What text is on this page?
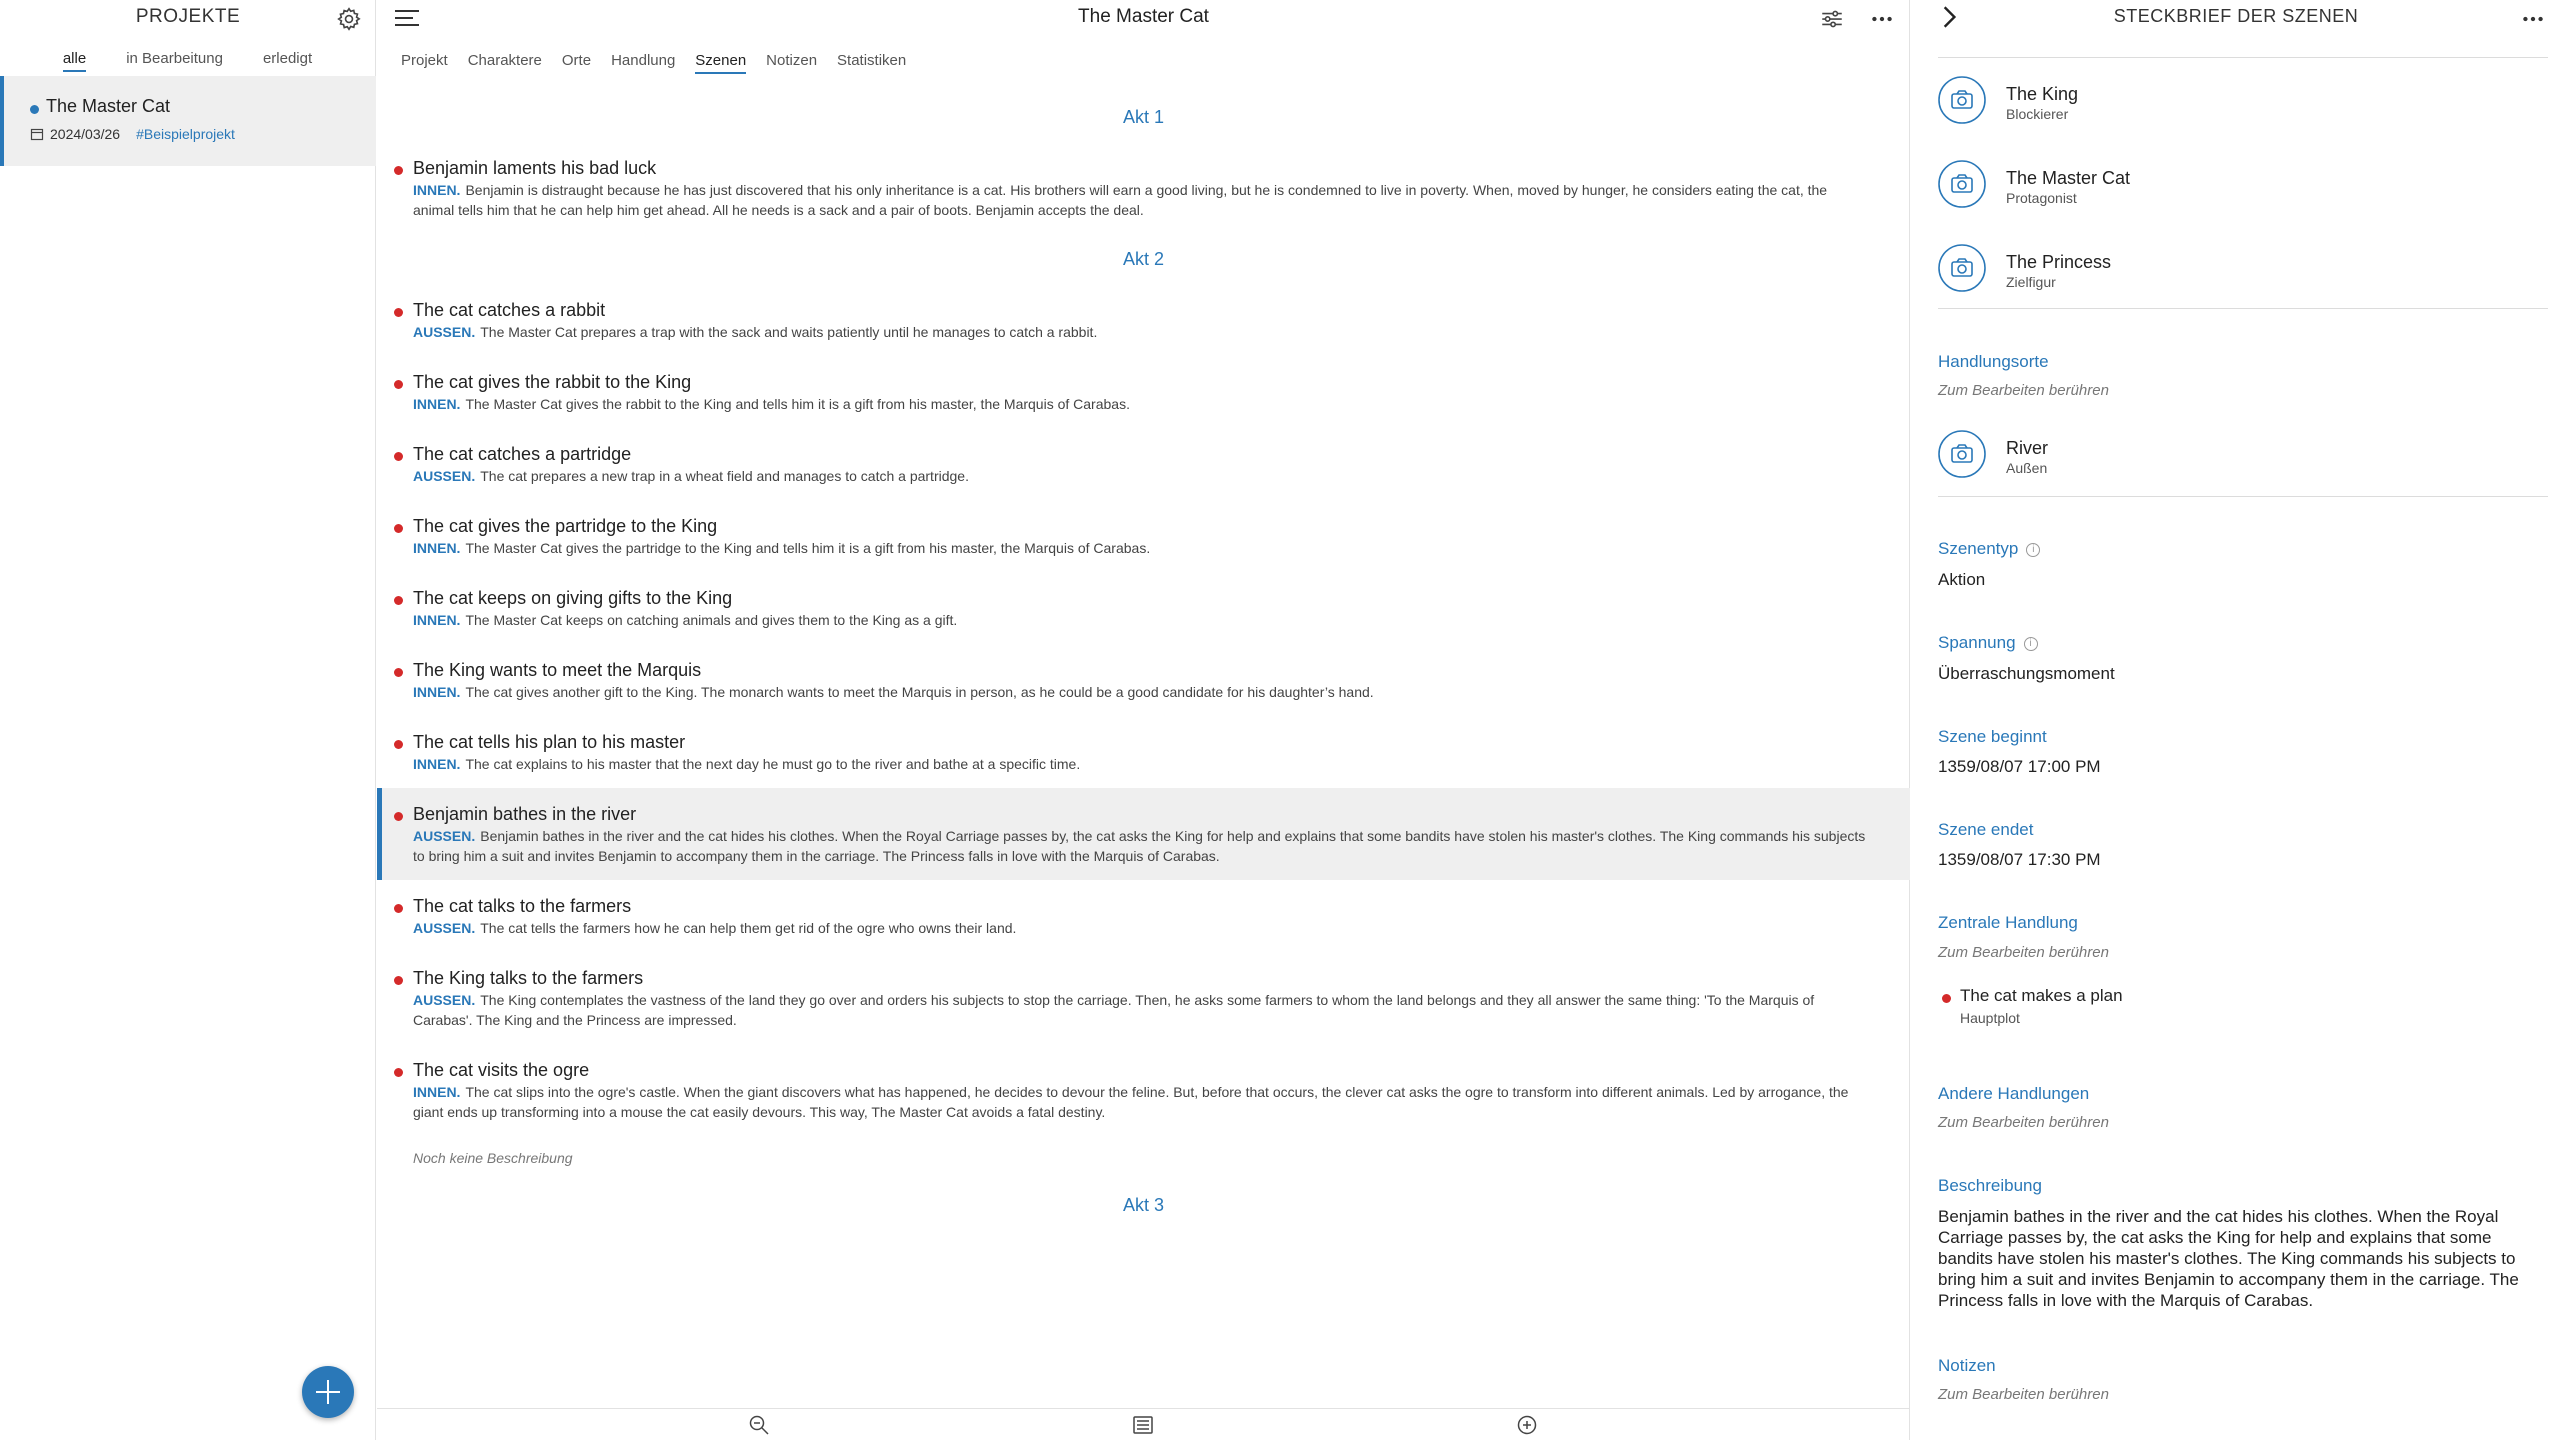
PROJEKTE
alle	in Bearbeitung	erledigt
The Master Cat
2024/03/26 #Beispielprojekt
The Master Cat
Projekt Charaktere Orte Handlung Szenen Notizen Statistiken
Akt 1
Benjamin laments his bad luck
INNEN. Benjamin is distraught because he has just discovered that his only inheritance is a cat. His brothers will earn a good living, but he is condemned to live in poverty. When, moved by hunger, he considers eating the cat, the animal tells him that he can help him get ahead. All he needs is a sack and a pair of boots. Benjamin accepts the deal.
Akt 2
The cat catches a rabbit
AUSSEN. The Master Cat prepares a trap with the sack and waits patiently until he manages to catch a rabbit.
The cat gives the rabbit to the King
INNEN. The Master Cat gives the rabbit to the King and tells him it is a gift from his master, the Marquis of Carabas.
The cat catches a partridge
AUSSEN. The cat prepares a new trap in a wheat field and manages to catch a partridge.
The cat gives the partridge to the King
INNEN. The Master Cat gives the partridge to the King and tells him it is a gift from his master, the Marquis of Carabas.
The cat keeps on giving gifts to the King
INNEN. The Master Cat keeps on catching animals and gives them to the King as a gift.
The King wants to meet the Marquis
INNEN. The cat gives another gift to the King. The monarch wants to meet the Marquis in person, as he could be a good candidate for his daughter’s hand.
The cat tells his plan to his master
INNEN. The cat explains to his master that the next day he must go to the river and bathe at a specific time.
Benjamin bathes in the river
AUSSEN. Benjamin bathes in the river and the cat hides his clothes. When the Royal Carriage passes by, the cat asks the King for help and explains that some bandits have stolen his master's clothes. The King commands his subjects to bring him a suit and invites Benjamin to accompany them in the carriage. The Princess falls in love with the Marquis of Carabas.
The cat talks to the farmers
AUSSEN. The cat tells the farmers how he can help them get rid of the ogre who owns their land.
The King talks to the farmers
AUSSEN. The King contemplates the vastness of the land they go over and orders his subjects to stop the carriage. Then, he asks some farmers to whom the land belongs and they all answer the same thing: 'To the Marquis of Carabas'. The King and the Princess are impressed.
The cat visits the ogre
INNEN. The cat slips into the ogre's castle. When the giant discovers what has happened, he decides to devour the feline. But, before that occurs, the clever cat asks the ogre to transform into different animals. Led by arrogance, the giant ends up transforming into a mouse the cat easily devours. This way, The Master Cat avoids a fatal destiny.
Noch keine Beschreibung
Akt 3
STECKBRIEF DER SZENEN
The King
Blockierer
The Master Cat
Protagonist
The Princess
Zielfigur
Handlungsorte
Zum Bearbeiten berühren
River
Außen
Szenentyp i
Aktion
Spannung i
Überraschungsmoment
Szene beginnt
1359/08/07 17:00 PM
Szene endet
1359/08/07 17:30 PM
Zentrale Handlung
Zum Bearbeiten berühren
The cat makes a plan
Hauptplot
Andere Handlungen
Zum Bearbeiten berühren
Beschreibung
Benjamin bathes in the river and the cat hides his clothes. When the Royal Carriage passes by, the cat asks the King for help and explains that some bandits have stolen his master's clothes. The King commands his subjects to bring him a suit and invites Benjamin to accompany them in the carriage. The Princess falls in love with the Marquis of Carabas.
Notizen
Zum Bearbeiten berühren
